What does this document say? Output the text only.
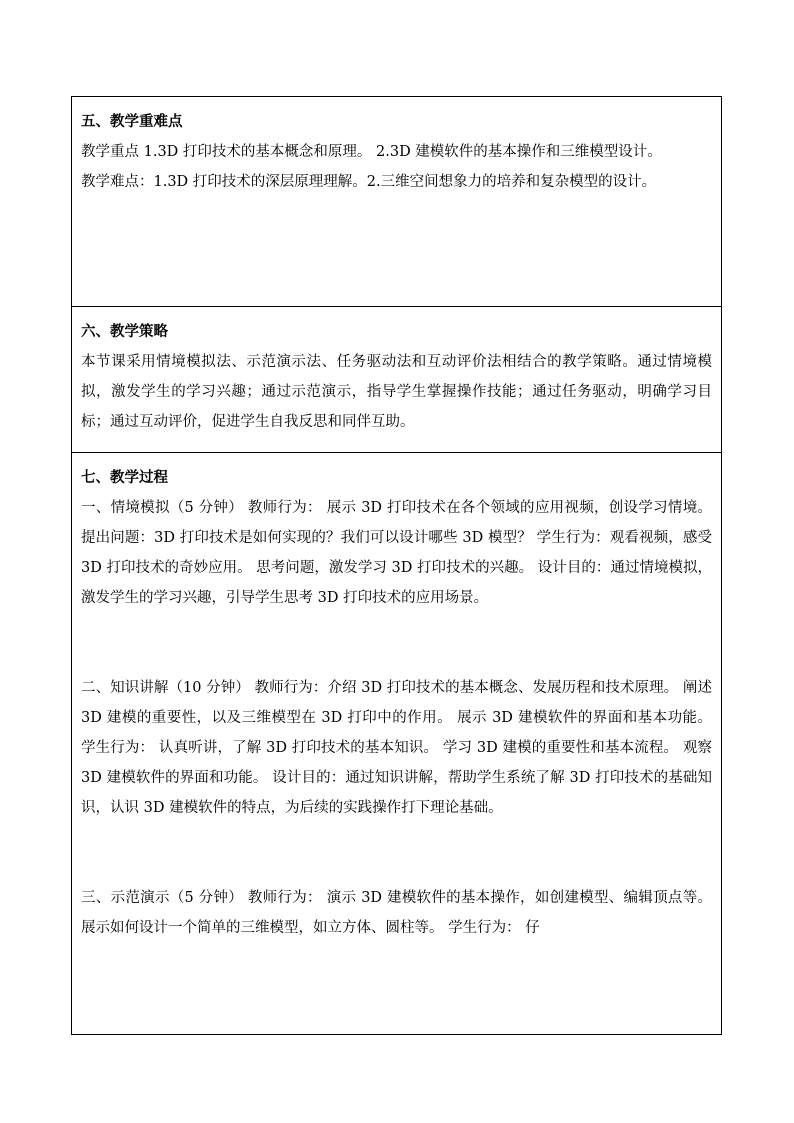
五、教学重难点

教学重点 1.3D 打印技术的基本概念和原理。 2.3D 建模软件的基本操作和三维模型设计。

教学难点：1.3D 打印技术的深层原理理解。2.三维空间想象力的培养和复杂模型的设计。

六、教学策略

本节课采用情境模拟法、示范演示法、任务驱动法和互动评价法相结合的教学策略。通过情境模拟，激发学生的学习兴趣；通过示范演示，指导学生掌握操作技能；通过任务驱动，明确学习目标；通过互动评价，促进学生自我反思和同伴互助。

七、教学过程

一、情境模拟（5 分钟） 教师行为： 展示 3D 打印技术在各个领域的应用视频，创设学习情境。 提出问题：3D 打印技术是如何实现的？我们可以设计哪些 3D 模型？ 学生行为：观看视频，感受 3D 打印技术的奇妙应用。 思考问题，激发学习 3D 打印技术的兴趣。 设计目的：通过情境模拟，激发学生的学习兴趣，引导学生思考 3D 打印技术的应用场景。

二、知识讲解（10 分钟） 教师行为：介绍 3D 打印技术的基本概念、发展历程和技术原理。 阐述 3D 建模的重要性，以及三维模型在 3D 打印中的作用。 展示 3D 建模软件的界面和基本功能。 学生行为： 认真听讲，了解 3D 打印技术的基本知识。 学习 3D 建模的重要性和基本流程。 观察 3D 建模软件的界面和功能。 设计目的：通过知识讲解，帮助学生系统了解 3D 打印技术的基础知识，认识 3D 建模软件的特点，为后续的实践操作打下理论基础。

三、示范演示（5 分钟） 教师行为： 演示 3D 建模软件的基本操作，如创建模型、编辑顶点等。 展示如何设计一个简单的三维模型，如立方体、圆柱等。 学生行为： 仔
